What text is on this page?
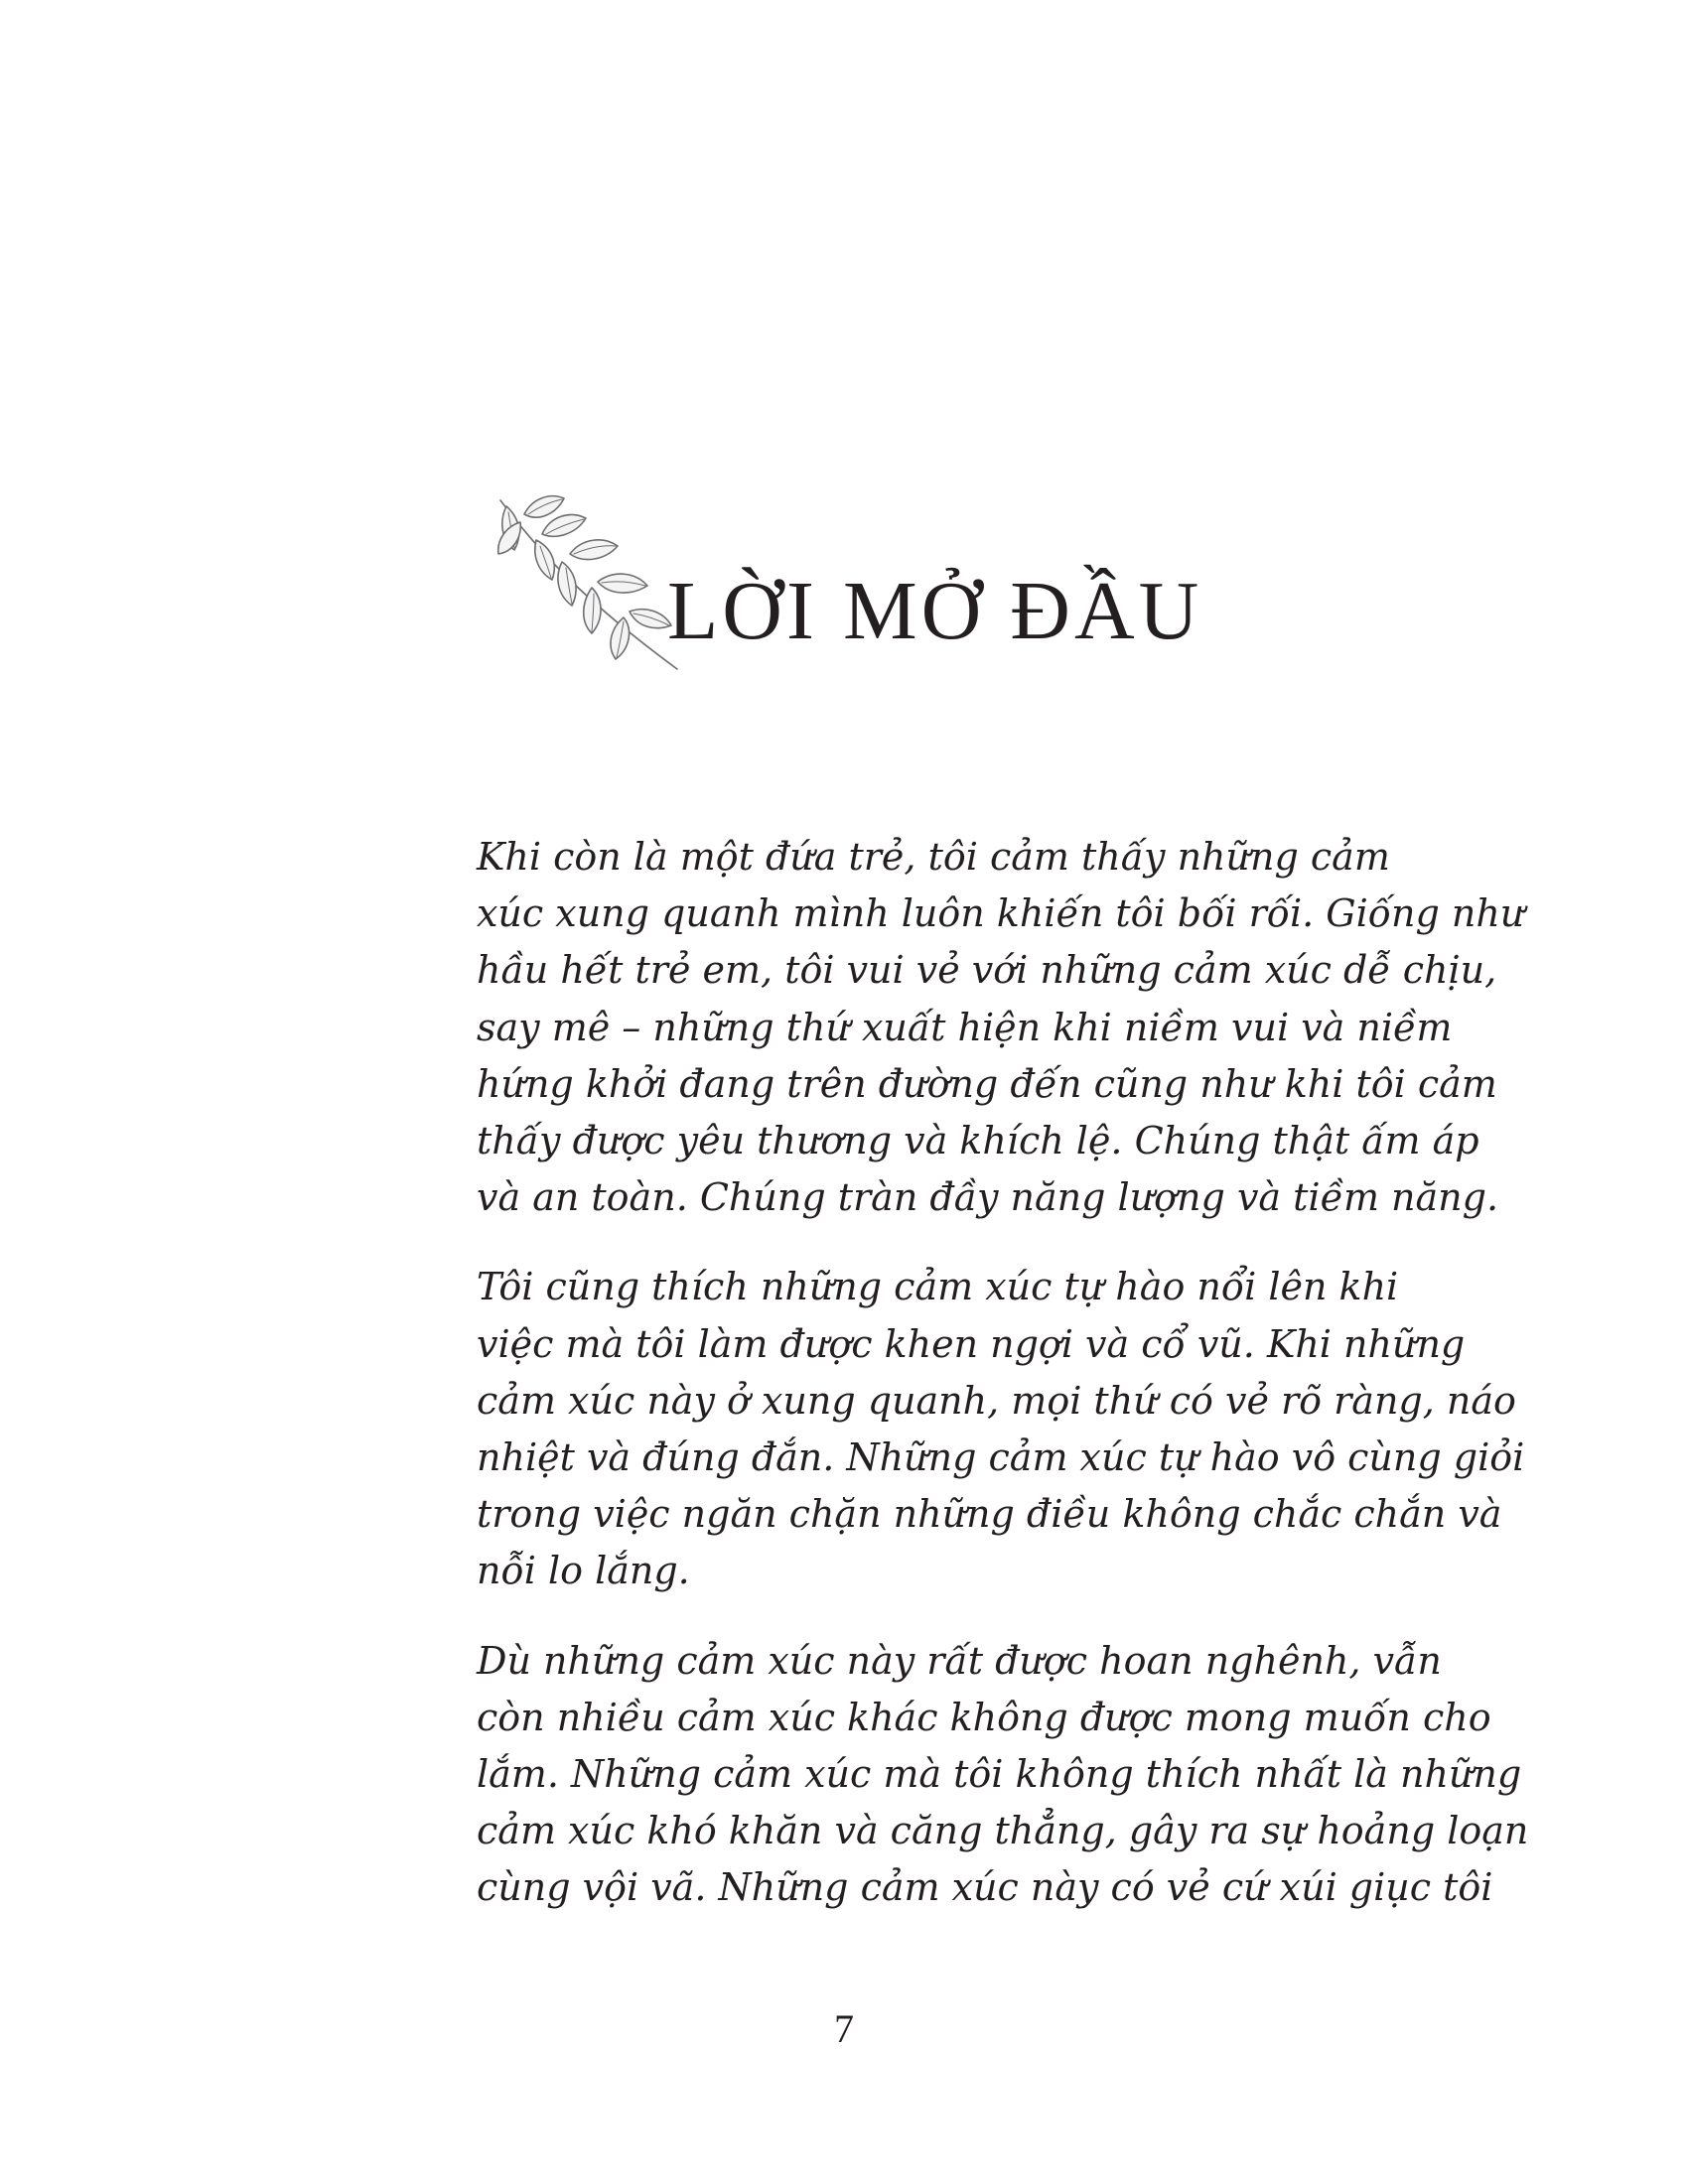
LỜI MỞ ĐẦU

Khi còn là một đứa trẻ, tôi cảm thấy những cảm
xúc xung quanh mình luôn khiến tôi bối rối. Giống như
hầu hết trẻ em, tôi vui vẻ với những cảm xúc dễ chịu,
say mê – những thứ xuất hiện khi niềm vui và niềm
hứng khởi đang trên đường đến cũng như khi tôi cảm
thấy được yêu thương và khích lệ. Chúng thật ấm áp
và an toàn. Chúng tràn đầy năng lượng và tiềm năng.

Tôi cũng thích những cảm xúc tự hào nổi lên khi
việc mà tôi làm được khen ngợi và cổ vũ. Khi những
cảm xúc này ở xung quanh, mọi thứ có vẻ rõ ràng, náo
nhiệt và đúng đắn. Những cảm xúc tự hào vô cùng giỏi
trong việc ngăn chặn những điều không chắc chắn và
nỗi lo lắng.

Dù những cảm xúc này rất được hoan nghênh, vẫn
còn nhiều cảm xúc khác không được mong muốn cho
lắm. Những cảm xúc mà tôi không thích nhất là những
cảm xúc khó khăn và căng thẳng, gây ra sự hoảng loạn
cùng vội vã. Những cảm xúc này có vẻ cứ xúi giục tôi

7
